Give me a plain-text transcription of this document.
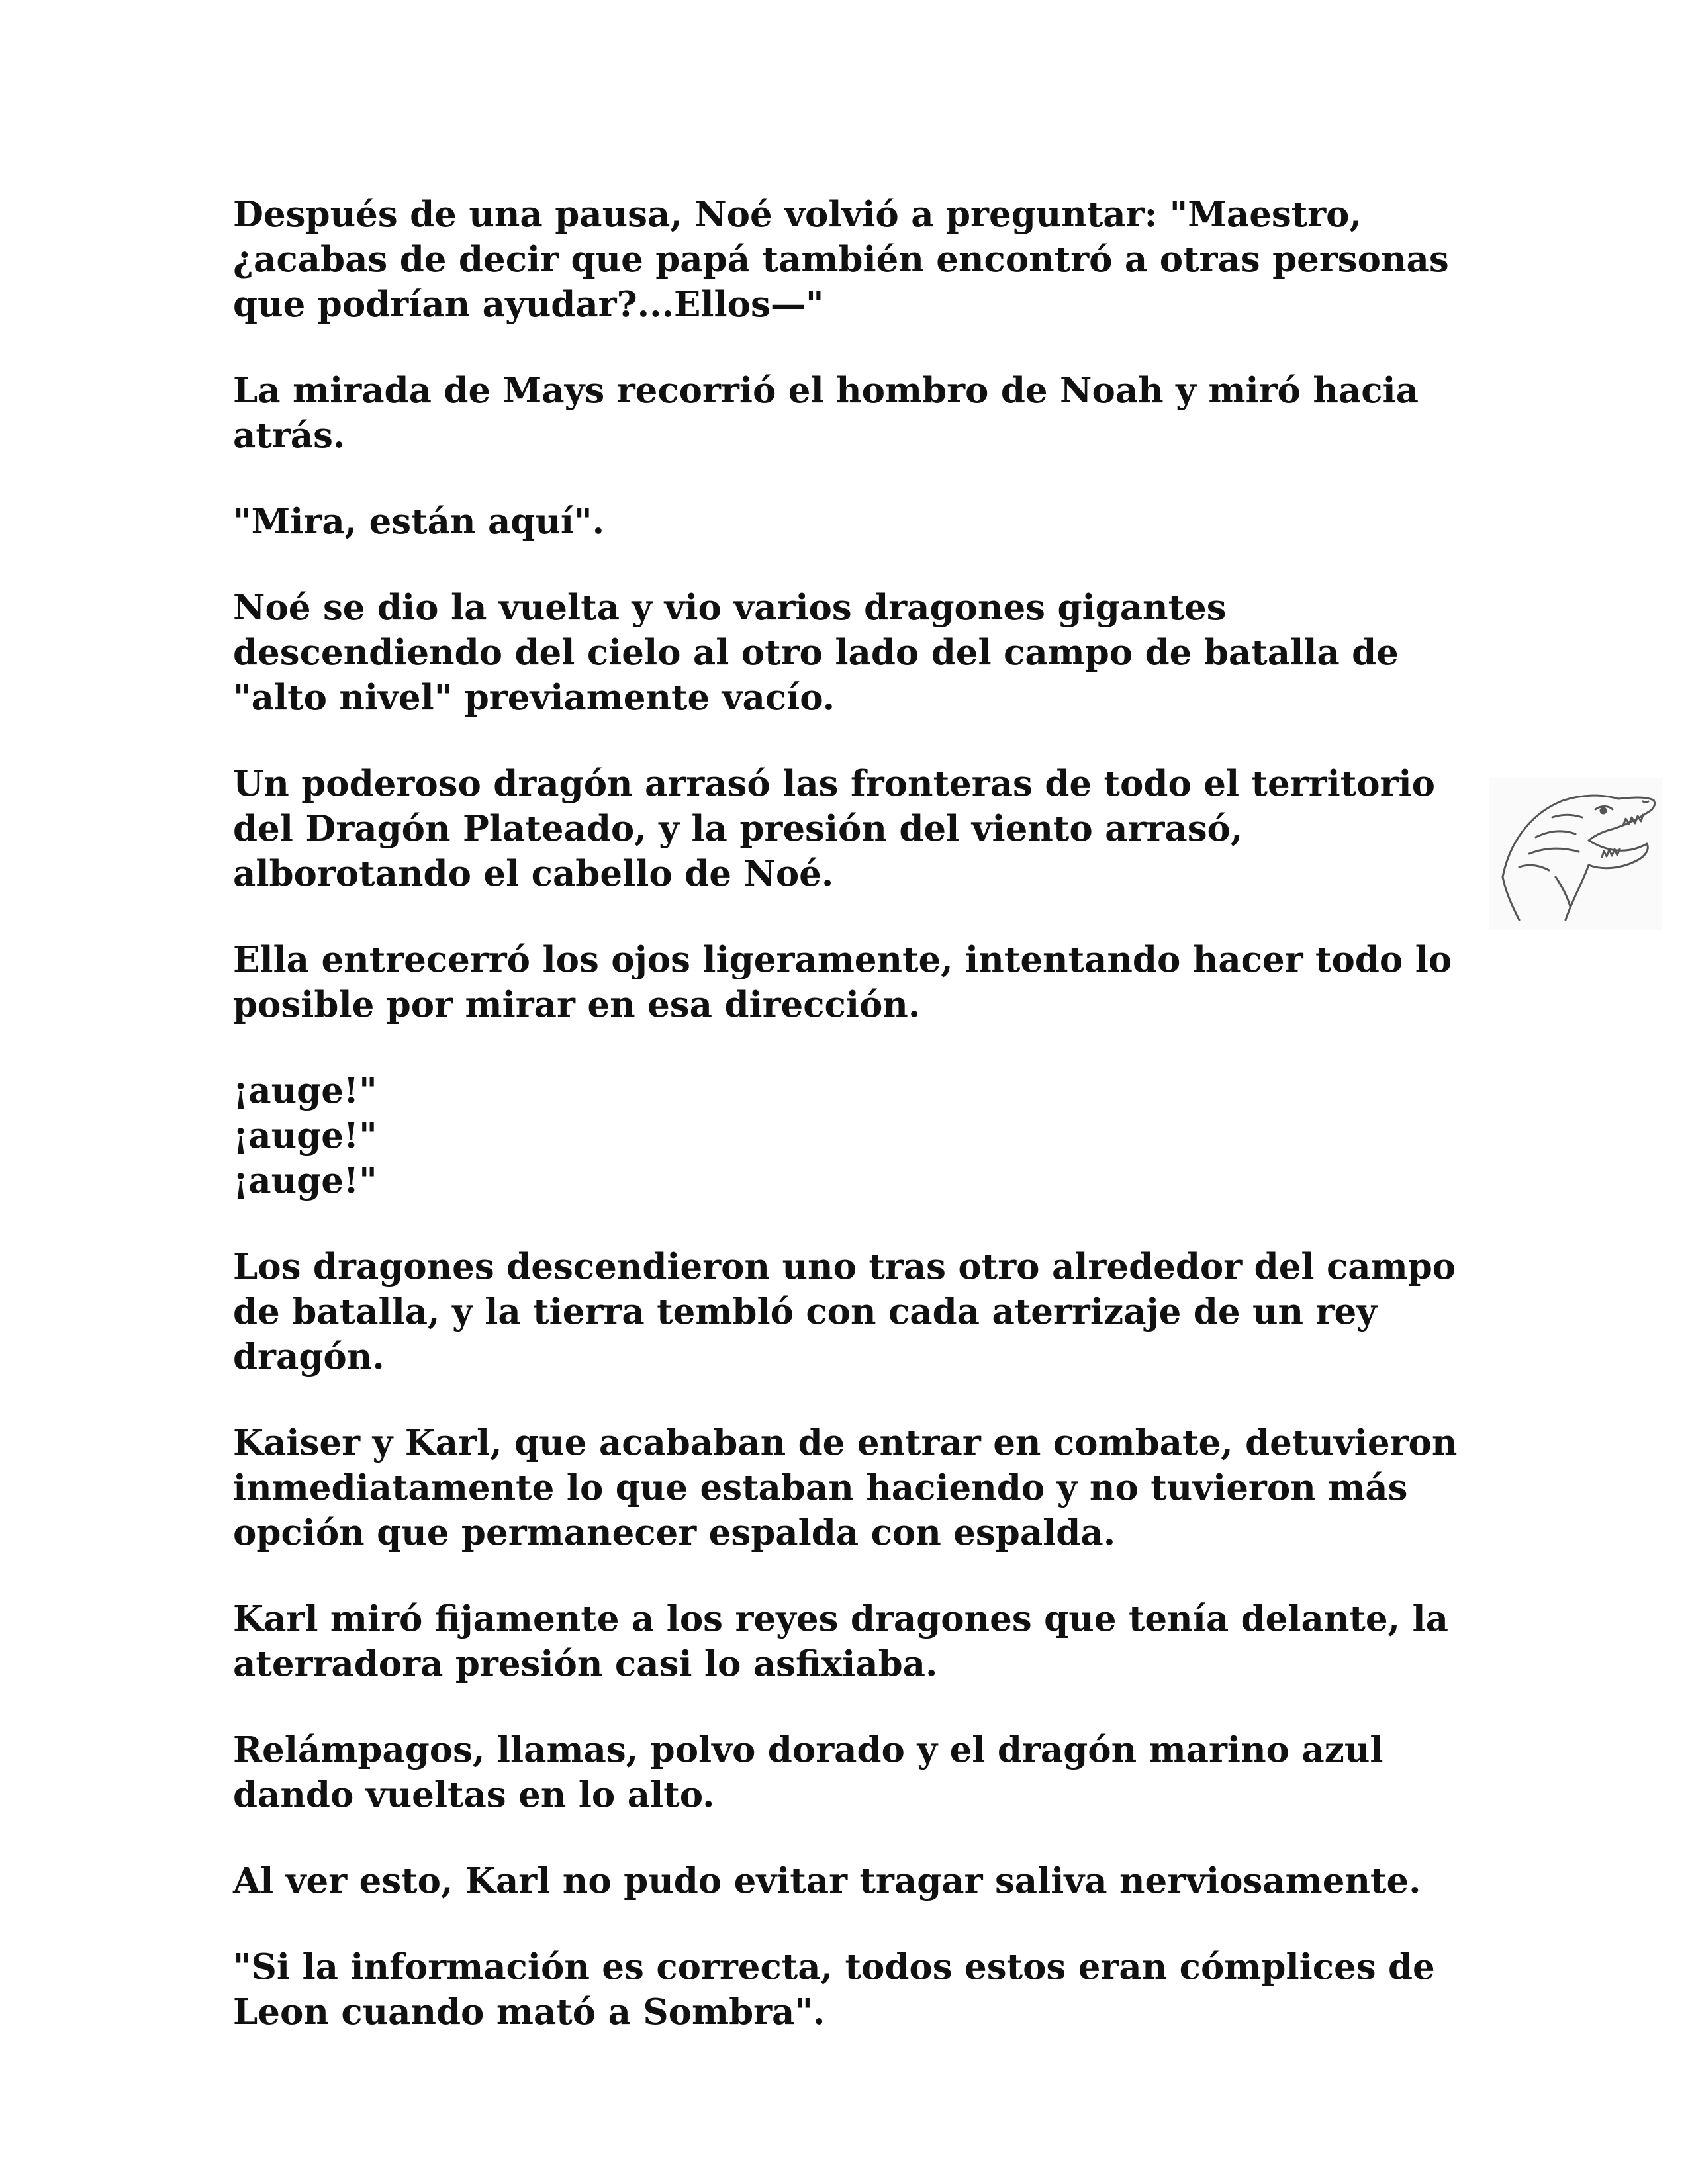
Después de una pausa, Noé volvió a preguntar: "Maestro,
¿acabas de decir que papá también encontró a otras personas
que podrían ayudar?...Ellos—"
La mirada de Mays recorrió el hombro de Noah y miró hacia
atrás.
"Mira, están aquí".
Noé se dio la vuelta y vio varios dragones gigantes
descendiendo del cielo al otro lado del campo de batalla de
"alto nivel" previamente vacío.
Un poderoso dragón arrasó las fronteras de todo el territorio
del Dragón Plateado, y la presión del viento arrasó,
alborotando el cabello de Noé.
Ella entrecerró los ojos ligeramente, intentando hacer todo lo
posible por mirar en esa dirección.
¡auge!"
¡auge!"
¡auge!"
Los dragones descendieron uno tras otro alrededor del campo
de batalla, y la tierra tembló con cada aterrizaje de un rey
dragón.
Kaiser y Karl, que acababan de entrar en combate, detuvieron
inmediatamente lo que estaban haciendo y no tuvieron más
opción que permanecer espalda con espalda.
Karl miró fijamente a los reyes dragones que tenía delante, la
aterradora presión casi lo asfixiaba.
Relámpagos, llamas, polvo dorado y el dragón marino azul
dando vueltas en lo alto.
Al ver esto, Karl no pudo evitar tragar saliva nerviosamente.
"Si la información es correcta, todos estos eran cómplices de
Leon cuando mató a Sombra".
